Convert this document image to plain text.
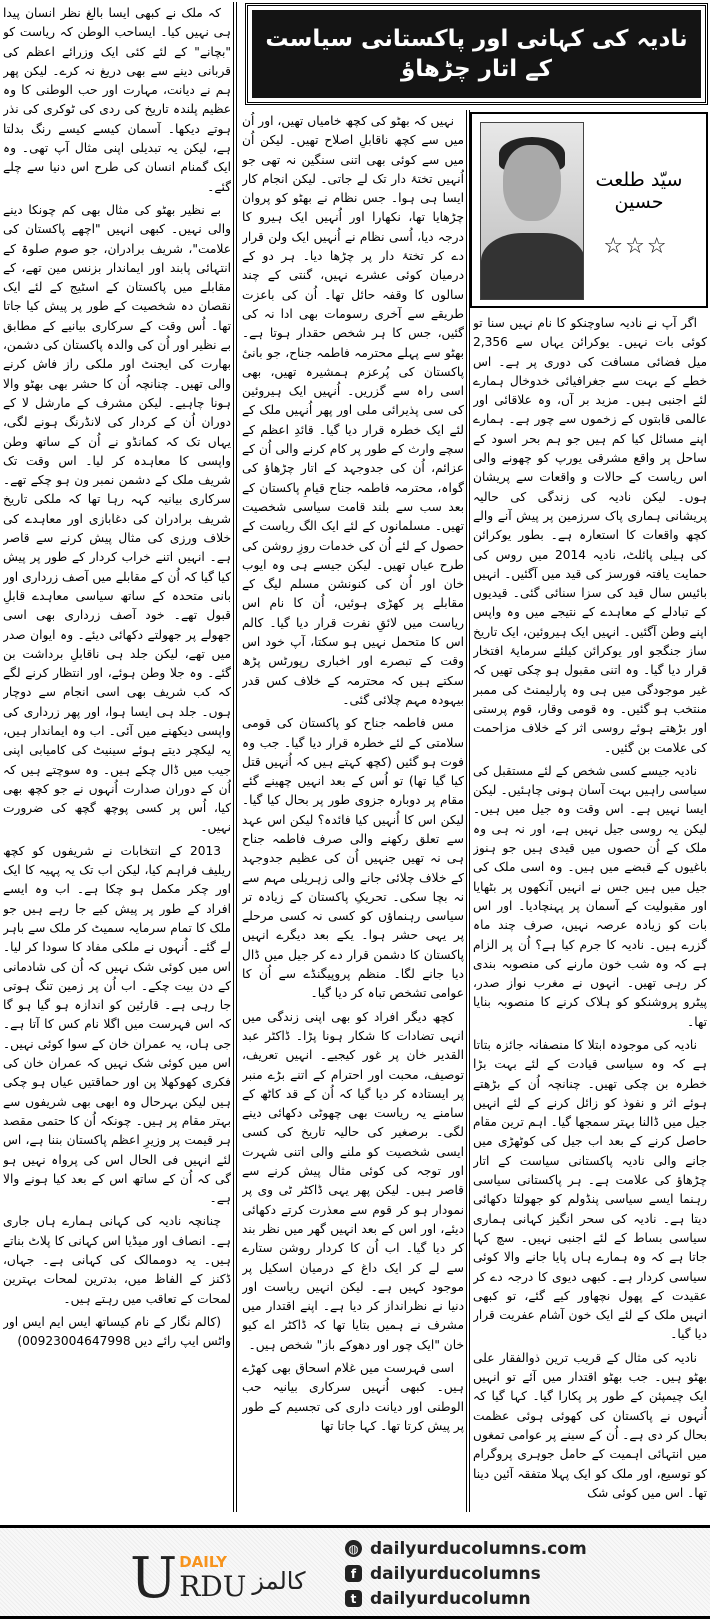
نادیہ کی کہانی اور پاکستانی سیاست کے اتار چڑھاؤ
سیّد طلعت حسین
☆☆☆

اگر آپ نے نادیہ ساوچنکو کا نام نہیں سنا تو کوئی بات نہیں۔ یوکرائن یہاں سے 2,356 میل فضائی مسافت کی دوری پر ہے۔ اس خطے کے بہت سے جغرافیائی خدوخال ہمارے لئے اجنبی ہیں۔ مزید بر آں، وہ علاقائی اور عالمی قابتوں کے زخموں سے چور ہے۔ ہمارے اپنے مسائل کیا کم ہیں جو ہم بحر اسود کے ساحل پر واقع مشرقی یورپ کو چھونے والی اس ریاست کے حالات و واقعات سے پریشان ہوں۔ لیکن نادیہ کی زندگی کی حالیہ پریشانی ہماری پاک سرزمین پر پیش آنے والے کچھ واقعات کا استعارہ ہے۔ بطور یوکرائن کی ہیلی پائلٹ، نادیہ 2014 میں روس کی حمایت یافتہ فورسز کی قید میں آگئیں۔ انہیں بائیس سال قید کی سزا سنائی گئی۔ قیدیوں کے تبادلے کے معاہدے کے نتیجے میں وہ واپس اپنے وطن آگئیں۔ انہیں ایک ہیروئین، ایک تاریخ ساز جنگجو اور یوکرائن کیلئے سرمایۂ افتخار قرار دیا گیا۔ وہ اتنی مقبول ہو چکی تھیں کہ غیر موجودگی میں ہی وہ پارلیمنٹ کی ممبر منتخب ہو گئیں۔ وہ قومی وقار، قوم پرستی اور بڑھتے ہوئے روسی اثر کے خلاف مزاحمت کی علامت بن گئیں۔

نادیہ جیسے کسی شخص کے لئے مستقبل کی سیاسی راہیں بہت آسان ہونی چاہئیں۔ لیکن ایسا نہیں ہے۔ اس وقت وہ جیل میں ہیں۔ لیکن یہ روسی جیل نہیں ہے، اور نہ ہی وہ ملک کے اُن حصوں میں قیدی ہیں جو ہنوز باغیوں کے قبضے میں ہیں۔ وہ اسی ملک کی جیل میں ہیں جس نے انہیں آنکھوں پر بٹھایا اور مقبولیت کے آسمان پر پہنچادیا۔ اور اس بات کو زیادہ عرصہ نہیں، صرف چند ماہ گزرے ہیں۔ نادیہ کا جرم کیا ہے؟ اُن پر الزام ہے کہ وہ شب خون مارنے کی منصوبہ بندی کر رہی تھیں۔ انہوں نے مغرب نواز صدر، پیٹرو پروشنکو کو ہلاک کرنے کا منصوبہ بنایا تھا۔

نادیہ کی موجودہ ابتلا کا منصفانہ جائزہ بتاتا ہے کہ وہ سیاسی قیادت کے لئے بہت بڑا خطرہ بن چکی تھیں۔ چنانچہ اُن کے بڑھتے ہوئے اثر و نفوذ کو زائل کرنے کے لئے انہیں جیل میں ڈالنا بہتر سمجھا گیا۔ اہم ترین مقام حاصل کرنے کے بعد اب جیل کی کوٹھڑی میں جانے والی نادیہ پاکستانی سیاست کے اتار چڑھاؤ کی علامت ہے۔ ہر پاکستانی سیاسی رہنما ایسے سیاسی پنڈولم کو جھولتا دکھائی دیتا ہے۔ نادیہ کی سحر انگیز کہانی ہماری سیاسی بساط کے لئے اجنبی نہیں۔ سچ کہا جاتا ہے کہ وہ ہمارے ہاں پایا جانے والا کوئی سیاسی کردار ہے۔ کبھی دیوی کا درجہ دے کر عقیدت کے پھول نچھاور کیے گئے، تو کبھی انہیں ملک کے لئے ایک خون آشام عفریت قرار دیا گیا۔

نادیہ کی مثال کے قریب ترین ذوالفقار علی بھٹو ہیں۔ جب بھٹو اقتدار میں آئے تو انہیں ایک چیمپئن کے طور پر پکارا گیا۔ کہا گیا کہ اُنہوں نے پاکستان کی کھوئی ہوئی عظمت بحال کر دی ہے۔ اُن کے سینے پر عوامی تمغوں میں انتہائی اہمیت کے حامل جوہری پروگرام کو توسیع، اور ملک کو ایک پہلا متفقہ آئین دینا تھا۔ اس میں کوئی شک

نہیں کہ بھٹو کی کچھ خامیاں تھیں، اور اُن میں سے کچھ ناقابلِ اصلاح تھیں۔ لیکن اُن میں سے کوئی بھی اتنی سنگین نہ تھی جو اُنہیں تختۂ دار تک لے جاتی۔ لیکن انجام کار ایسا ہی ہوا۔ جس نظام نے بھٹو کو پروان چڑھایا تھا، نکھارا اور اُنہیں ایک ہیرو کا درجہ دیا، اُسی نظام نے اُنہیں ایک ولن قرار دے کر تختۂ دار پر چڑھا دیا۔ ہر دو کے درمیان کوئی عشرے نہیں، گنتی کے چند سالوں کا وقفہ حائل تھا۔ اُن کی باعزت طریقے سے آخری رسومات بھی ادا نہ کی گئیں، جس کا ہر شخص حقدار ہوتا ہے۔ بھٹو سے پہلے محترمہ فاطمہ جناح، جو بانیٔ پاکستان کی پُرعزم ہمشیرہ تھیں، بھی اسی راہ سے گزریں۔ اُنہیں ایک ہیروئین کی سی پذیرائی ملی اور پھر اُنہیں ملک کے لئے ایک خطرہ قرار دیا گیا۔ قائدِ اعظم کے سچے وارث کے طور پر کام کرنے والی اُن کے عزائم، اُن کی جدوجہد کے اتار چڑھاؤ کی گواہ، محترمہ فاطمہ جناح قیامِ پاکستان کے بعد سب سے بلند قامت سیاسی شخصیت تھیں۔ مسلمانوں کے لئے ایک الگ ریاست کے حصول کے لئے اُن کی خدمات روزِ روشن کی طرح عیاں تھیں۔ لیکن جیسے ہی وہ ایوب خان اور اُن کی کنونشن مسلم لیگ کے مقابلے پر کھڑی ہوئیں، اُن کا نام اس ریاست میں لائقِ نفرت قرار دیا گیا۔ کالم اس کا متحمل نہیں ہو سکتا، آپ خود اس وقت کے تبصرے اور اخباری رپورٹس پڑھ سکتے ہیں کہ محترمہ کے خلاف کس قدر بیہودہ مہم چلائی گئی۔

مس فاطمہ جناح کو پاکستان کی قومی سلامتی کے لئے خطرہ قرار دیا گیا۔ جب وہ فوت ہو گئیں (کچھ کہتے ہیں کہ اُنہیں قتل کیا گیا تھا) تو اُس کے بعد انہیں چھینے گئے مقام پر دوبارہ جزوی طور پر بحال کیا گیا۔ لیکن اس کا اُنہیں کیا فائدہ؟ لیکن اس عہد سے تعلق رکھنے والی صرف فاطمہ جناح ہی نہ تھیں جنہیں اُن کی عظیم جدوجہد کے خلاف چلائی جانے والی زہریلی مہم سے نہ بچا سکی۔ تحریکِ پاکستان کے زیادہ تر سیاسی رہنماؤں کو کسی نہ کسی مرحلے پر یہی حشر ہوا۔ یکے بعد دیگرے انہیں پاکستان کا دشمن قرار دے کر جیل میں ڈال دیا جانے لگا۔ منظم پروپیگنڈے سے اُن کا عوامی تشخص تباہ کر دیا گیا۔

کچھ دیگر افراد کو بھی اپنی زندگی میں انہی تضادات کا شکار ہونا پڑا۔ ڈاکٹر عبد القدیر خان پر غور کیجیے۔ انہیں تعریف، توصیف، محبت اور احترام کے اتنے بڑے منبر پر ایستادہ کر دیا گیا کہ اُن کے قد کاٹھ کے سامنے یہ ریاست بھی چھوٹی دکھائی دینے لگی۔ برصغیر کی حالیہ تاریخ کی کسی ایسی شخصیت کو ملنے والی اتنی شہرت اور توجہ کی کوئی مثال پیش کرنے سے قاصر ہیں۔ لیکن پھر یہی ڈاکٹر ٹی وی پر نمودار ہو کر قوم سے معذرت کرتے دکھائی دیئے، اور اس کے بعد انہیں گھر میں نظر بند کر دیا گیا۔ اب اُن کا کردار روشن ستارے سے لے کر ایک داغ کے درمیان اسکیل پر موجود کہیں ہے۔ لیکن انہیں ریاست اور دنیا نے نظرانداز کر دیا ہے۔ اپنے اقتدار میں مشرف نے ہمیں بتایا تھا کہ ڈاکٹر اے کیو خان "ایک چور اور دھوکے باز" شخص ہیں۔

اسی فہرست میں غلام اسحاق بھی کھڑے ہیں۔ کبھی اُنہیں سرکاری بیانیہ حب الوطنی اور دیانت داری کی تجسیم کے طور پر پیش کرتا تھا۔ کہا جاتا تھا

کہ ملک نے کبھی ایسا بالغ نظر انسان پیدا ہی نہیں کیا۔ ایساحب الوطن کہ ریاست کو "بچانے" کے لئے کئی ایک وزرائے اعظم کی قربانی دینے سے بھی دریغ نہ کرے۔ لیکن پھر ہم نے دیانت، مہارت اور حب الوطنی کا وہ عظیم پلندہ تاریخ کی ردی کی ٹوکری کی نذر ہوتے دیکھا۔ آسمان کیسے کیسے رنگ بدلتا ہے، لیکن یہ تبدیلی اپنی مثال آپ تھی۔ وہ ایک گمنام انسان کی طرح اس دنیا سے چلے گئے۔

بے نظیر بھٹو کی مثال بھی کم چونکا دینے والی نہیں۔ کبھی انہیں "اچھے پاکستان کی علامت"، شریف برادران، جو صوم صلوۃ کے انتہائی پابند اور ایماندار بزنس مین تھے، کے مقابلے میں پاکستان کے اسٹیج کے لئے ایک نقصان دہ شخصیت کے طور پر پیش کیا جاتا تھا۔ اُس وقت کے سرکاری بیانیے کے مطابق بے نظیر اور اُن کی والدہ پاکستان کی دشمن، بھارت کی ایجنٹ اور ملکی راز فاش کرنے والی تھیں۔ چنانچہ اُن کا حشر بھی بھٹو والا ہونا چاہیے۔ لیکن مشرف کے مارشل لا کے دوران اُن کے کردار کی لانڈرنگ ہونے لگی، یہاں تک کہ کمانڈو نے اُن کے ساتھ وطن واپسی کا معاہدہ کر لیا۔ اس وقت تک شریف ملک کے دشمن نمبر ون ہو چکے تھے۔ سرکاری بیانیہ کہہ رہا تھا کہ ملکی تاریخ شریف برادران کی دغابازی اور معاہدے کی خلاف ورزی کی مثال پیش کرنے سے قاصر ہے۔ انہیں اتنے خراب کردار کے طور پر پیش کیا گیا کہ اُن کے مقابلے میں آصف زرداری اور بانی متحدہ کے ساتھ سیاسی معاہدے قابلِ قبول تھے۔ خود آصف زرداری بھی اسی جھولے پر جھولتے دکھائی دیئے۔ وہ ایوان صدر میں تھے، لیکن جلد ہی ناقابلِ برداشت بن گئے۔ وہ جلا وطن ہوئے، اور انتظار کرنے لگے کہ کب شریف بھی اسی انجام سے دوچار ہوں۔ جلد ہی ایسا ہوا، اور پھر زرداری کی واپسی دیکھنے میں آئی۔ اب وہ ایماندار ہیں، یہ لیکچر دیتے ہوئے سینیٹ کی کامیابی اپنی جیب میں ڈال چکے ہیں۔ وہ سوچتے ہیں کہ اُن کے دوران صدارت اُنہوں نے جو کچھ بھی کیا، اُس پر کسی پوچھ گچھ کی ضرورت نہیں۔

2013 کے انتخابات نے شریفوں کو کچھ ریلیف فراہم کیا، لیکن اب تک یہ پہیہ کا ایک اور چکر مکمل ہو چکا ہے۔ اب وہ ایسے افراد کے طور پر پیش کیے جا رہے ہیں جو ملک کا تمام سرمایہ سمیٹ کر ملک سے باہر لے گئے۔ اُنہوں نے ملکی مفاد کا سودا کر لیا۔ اس میں کوئی شک نہیں کہ اُن کی شادمانی کے دن بیت چکے۔ اب اُن پر زمین تنگ ہوتی جا رہی ہے۔ قارئین کو اندازہ ہو گیا ہو گا کہ اس فہرست میں اگلا نام کس کا آتا ہے۔ جی ہاں، یہ عمران خان کے سوا کوئی نہیں۔ اس میں کوئی شک نہیں کہ عمران خان کی فکری کھوکھلا پن اور حماقتیں عیاں ہو چکی ہیں لیکن بہرحال وہ ابھی بھی شریفوں سے بہتر مقام پر ہیں۔ چونکہ اُن کا حتمی مقصد ہر قیمت پر وزیرِ اعظم پاکستان بننا ہے، اس لئے انہیں فی الحال اس کی پرواہ نہیں ہو گی کہ اُن کے ساتھ اس کے بعد کیا ہونے والا ہے۔

چنانچہ نادیہ کی کہانی ہمارے ہاں جاری ہے۔ انصاف اور میڈیا اس کہانی کا پلاٹ بناتے ہیں۔ یہ دوممالک کی کہانی ہے۔ جہاں، ڈکنز کے الفاظ میں، بدترین لمحات بہترین لمحات کے تعاقب میں رہتے ہیں۔

(کالم نگار کے نام کیساتھ ایس ایم ایس اور واٹس ایپ رائے دیں 00923004647998)

U DAILY
RDU کالمز
◍ dailyurducolumns.com
f dailyurducolumns
t dailyurducolumn
